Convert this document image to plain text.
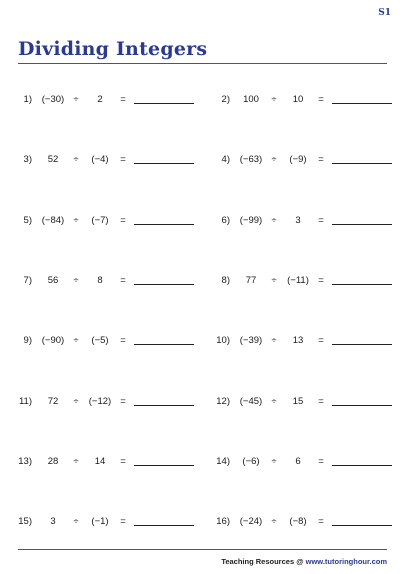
S1
Dividing Integers
1)	(−30) ÷	2	=	2)	100	÷	10	=
3)	52	÷	(−4)	=	4)	(−63) ÷	(−9)	=
5)	(−84) ÷	(−7)	=	6)	(−99) ÷	3	=
7)	56	÷	8	=	8)	77	÷	(−11) =
9)	(−90) ÷	(−5)	=	10)	(−39) ÷	13	=
11)	72	÷	(−12) =	12)	(−45) ÷	15	=
13)	28	÷	14	=	14)	(−6)	÷	6	=
15)	3	÷	(−1)	=	16)	(−24) ÷	(−8)	=
Teaching Resources @ www.tutoringhour.com
